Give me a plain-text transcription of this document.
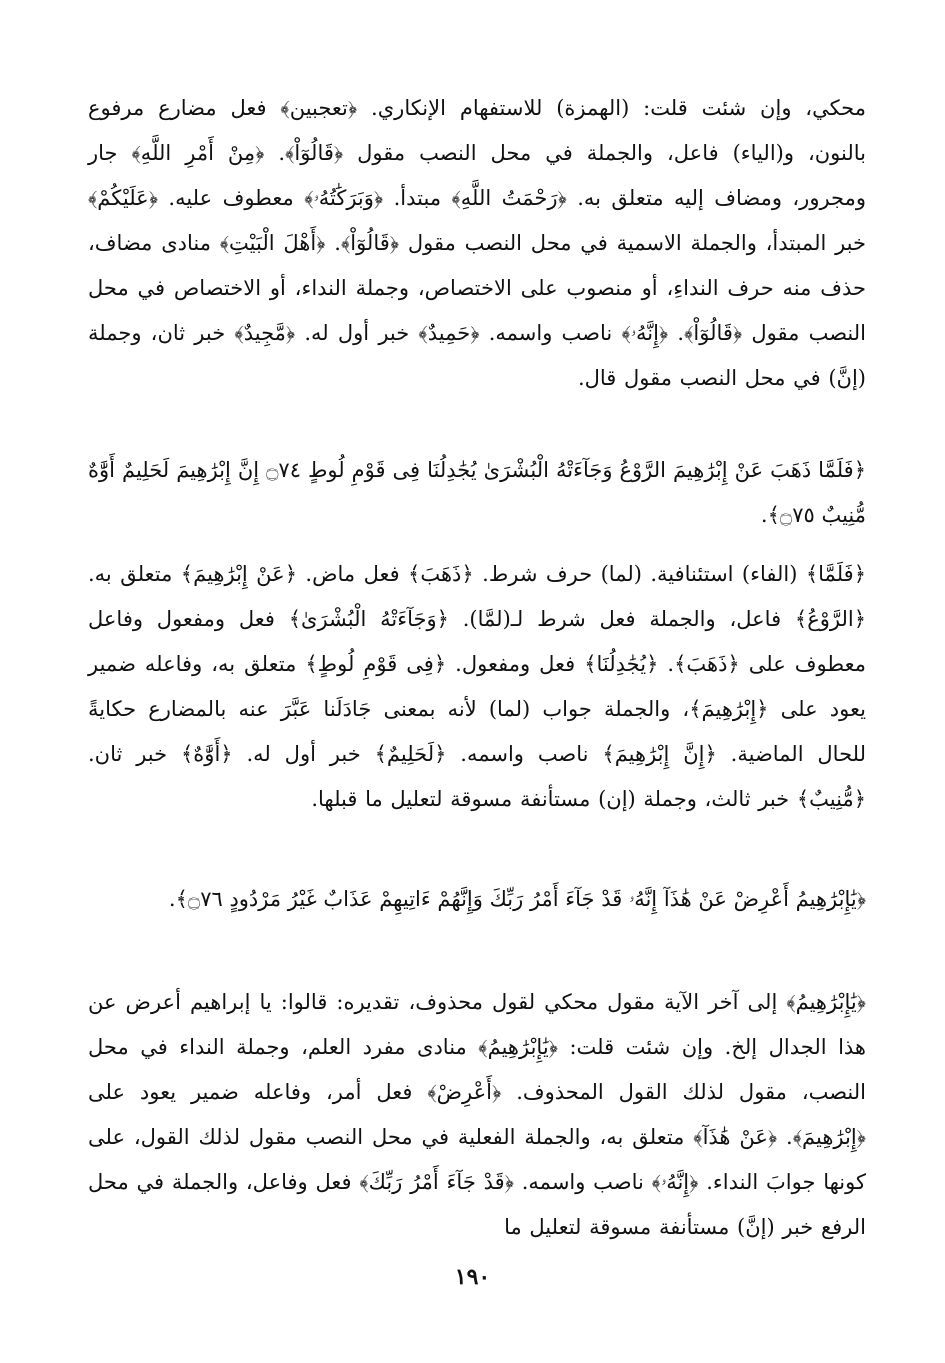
محكي، وإن شئت قلت: (الهمزة) للاستفهام الإنكاري. ﴿تعجبين﴾ فعل مضارع مرفوع بالنون، و(الياء) فاعل، والجملة في محل النصب مقول ﴿قَالُوٓاْ﴾. ﴿مِنْ أَمْرِ اللَّهِ﴾ جار ومجرور، ومضاف إليه متعلق به. ﴿رَحْمَتُ اللَّهِ﴾ مبتدأ. ﴿وَبَرَكَٰتُهُۥ﴾ معطوف عليه. ﴿عَلَيْكُمْ﴾ خبر المبتدأ، والجملة الاسمية في محل النصب مقول ﴿قَالُوٓاْ﴾. ﴿أَهْلَ الْبَيْتِ﴾ منادى مضاف، حذف منه حرف النداءِ، أو منصوب على الاختصاص، وجملة النداء، أو الاختصاص في محل النصب مقول ﴿قَالُوٓاْ﴾. ﴿إِنَّهُۥ﴾ ناصب واسمه. ﴿حَمِيدٌ﴾ خبر أول له. ﴿مَّجِيدٌ﴾ خبر ثان، وجملة (إنَّ) في محل النصب مقول قال.

﴿فَلَمَّا ذَهَبَ عَنْ إِبْرَٰهِيمَ الرَّوْعُ وَجَآءَتْهُ الْبُشْرَىٰ يُجَٰدِلُنَا فِى قَوْمِ لُوطٍ ۝٧٤ إِنَّ إِبْرَٰهِيمَ لَحَلِيمٌ أَوَّٰهٌ مُّنِيبٌ ۝٧٥﴾.

﴿فَلَمَّا﴾ (الفاء) استئنافية. (لما) حرف شرط. ﴿ذَهَبَ﴾ فعل ماض. ﴿عَنْ إِبْرَٰهِيمَ﴾ متعلق به. ﴿الرَّوْعُ﴾ فاعل، والجملة فعل شرط لـ(لمَّا). ﴿وَجَآءَتْهُ الْبُشْرَىٰ﴾ فعل ومفعول وفاعل معطوف على ﴿ذَهَبَ﴾. ﴿يُجَٰدِلُنَا﴾ فعل ومفعول. ﴿فِى قَوْمِ لُوطٍ﴾ متعلق به، وفاعله ضمير يعود على ﴿إِبْرَٰهِيمَ﴾، والجملة جواب (لما) لأنه بمعنى جَادَلَنا عَبَّرَ عنه بالمضارع حكايةً للحال الماضية. ﴿إِنَّ إِبْرَٰهِيمَ﴾ ناصب واسمه. ﴿لَحَلِيمٌ﴾ خبر أول له. ﴿أَوَّٰهٌ﴾ خبر ثان. ﴿مُّنِيبٌ﴾ خبر ثالث، وجملة (إن) مستأنفة مسوقة لتعليل ما قبلها.

﴿يَٰإِبْرَٰهِيمُ أَعْرِضْ عَنْ هَٰذَآ إِنَّهُۥ قَدْ جَآءَ أَمْرُ رَبِّكَ وَإِنَّهُمْ ءَاتِيهِمْ عَذَابٌ غَيْرُ مَرْدُودٍ ۝٧٦﴾.

﴿يَٰإِبْرَٰهِيمُ﴾ إلى آخر الآية مقول محكي لقول محذوف، تقديره: قالوا: يا إبراهيم أعرض عن هذا الجدال إلخ. وإن شئت قلت: ﴿يَٰإِبْرَٰهِيمُ﴾ منادى مفرد العلم، وجملة النداء في محل النصب، مقول لذلك القول المحذوف. ﴿أَعْرِضْ﴾ فعل أمر، وفاعله ضمير يعود على ﴿إِبْرَٰهِيمَ﴾. ﴿عَنْ هَٰذَآ﴾ متعلق به، والجملة الفعلية في محل النصب مقول لذلك القول، على كونها جوابَ النداء. ﴿إِنَّهُۥ﴾ ناصب واسمه. ﴿قَدْ جَآءَ أَمْرُ رَبِّكَ﴾ فعل وفاعل، والجملة في محل الرفع خبر (إنَّ) مستأنفة مسوقة لتعليل ما

١٩٠
